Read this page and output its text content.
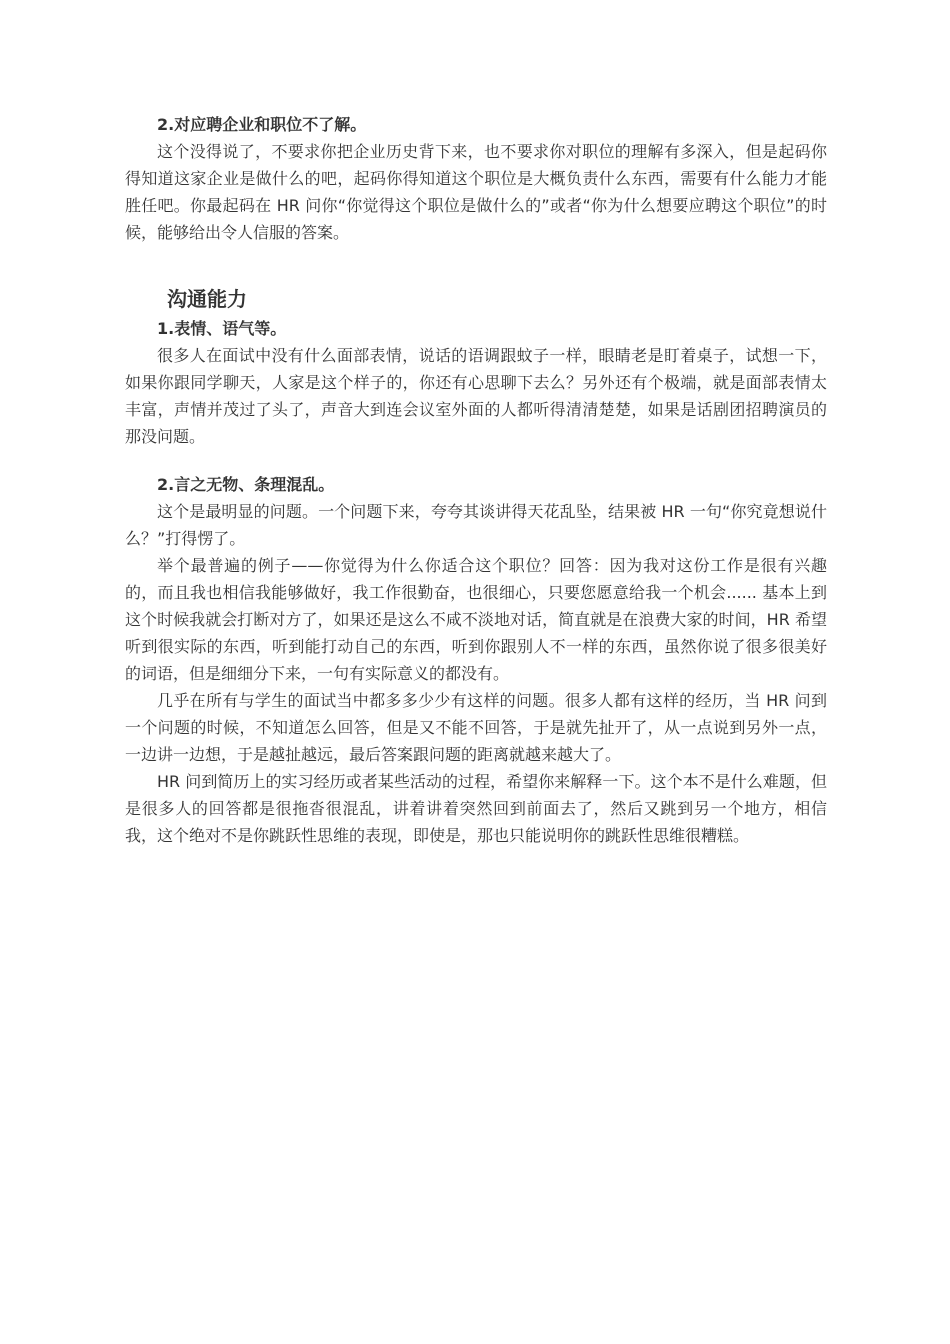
2.对应聘企业和职位不了解。

这个没得说了，不要求你把企业历史背下来，也不要求你对职位的理解有多深入，但是起码你得知道这家企业是做什么的吧，起码你得知道这个职位是大概负责什么东西，需要有什么能力才能胜任吧。你最起码在 HR 问你“你觉得这个职位是做什么的”或者“你为什么想要应聘这个职位”的时候，能够给出令人信服的答案。

沟通能力

1.表情、语气等。

很多人在面试中没有什么面部表情，说话的语调跟蚊子一样，眼睛老是盯着桌子，试想一下，如果你跟同学聊天，人家是这个样子的，你还有心思聊下去么？另外还有个极端，就是面部表情太丰富，声情并茂过了头了，声音大到连会议室外面的人都听得清清楚楚，如果是话剧团招聘演员的那没问题。

2.言之无物、条理混乱。

这个是最明显的问题。一个问题下来，夸夸其谈讲得天花乱坠，结果被 HR 一句“你究竟想说什么？”打得愣了。

举个最普遍的例子——你觉得为什么你适合这个职位？回答：因为我对这份工作是很有兴趣的，而且我也相信我能够做好，我工作很勤奋，也很细心，只要您愿意给我一个机会...... 基本上到这个时候我就会打断对方了，如果还是这么不咸不淡地对话，简直就是在浪费大家的时间，HR 希望听到很实际的东西，听到能打动自己的东西，听到你跟别人不一样的东西，虽然你说了很多很美好的词语，但是细细分下来，一句有实际意义的都没有。

几乎在所有与学生的面试当中都多多少少有这样的问题。很多人都有这样的经历，当 HR 问到一个问题的时候，不知道怎么回答，但是又不能不回答，于是就先扯开了，从一点说到另外一点，一边讲一边想，于是越扯越远，最后答案跟问题的距离就越来越大了。

HR 问到简历上的实习经历或者某些活动的过程，希望你来解释一下。这个本不是什么难题，但是很多人的回答都是很拖沓很混乱，讲着讲着突然回到前面去了，然后又跳到另一个地方，相信我，这个绝对不是你跳跃性思维的表现，即使是，那也只能说明你的跳跃性思维很糟糕。
